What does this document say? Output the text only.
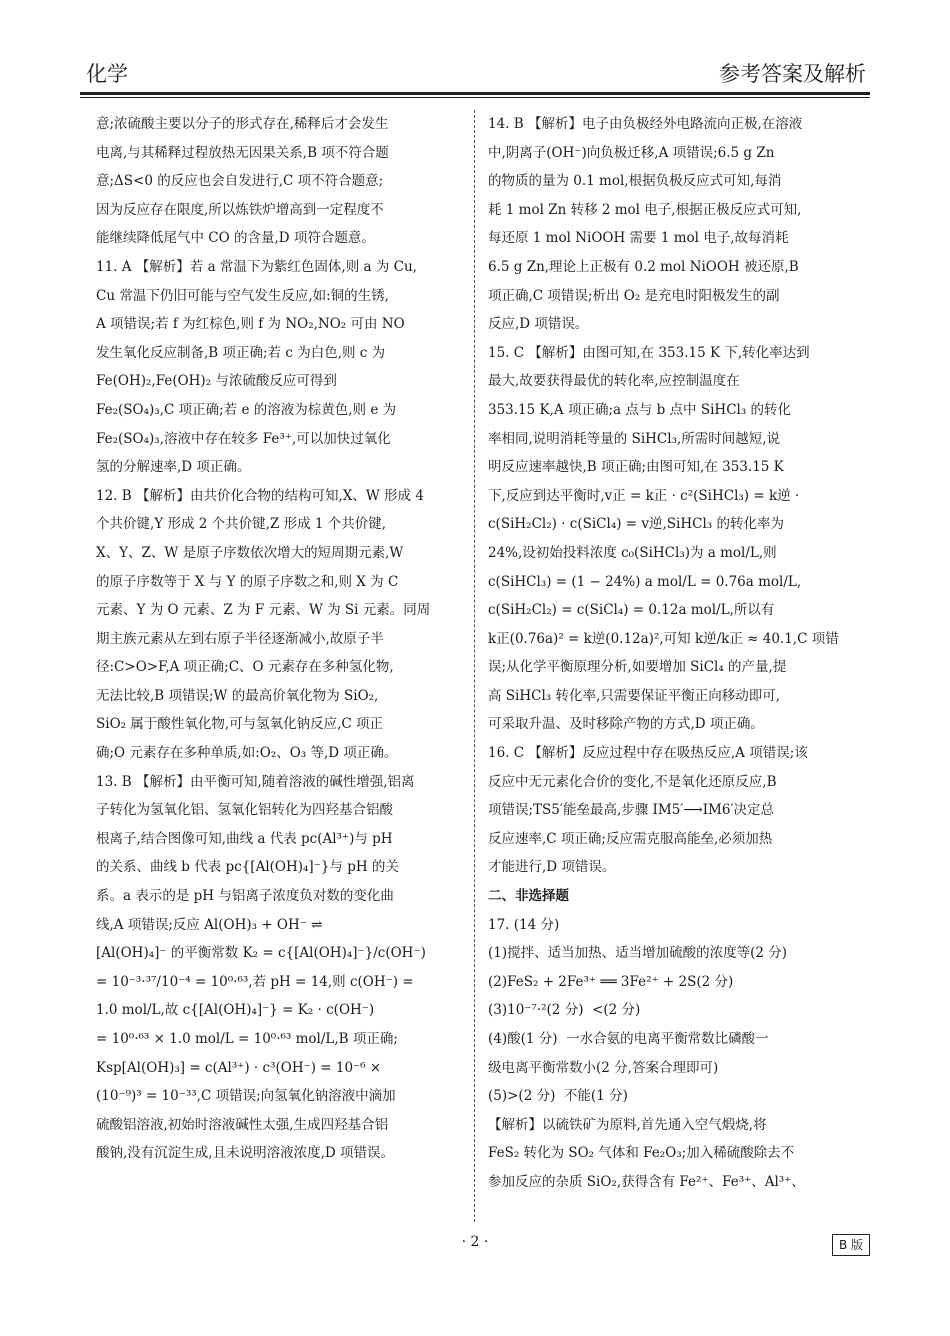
化学	参考答案及解析

意;浓硫酸主要以分子的形式存在,稀释后才会发生

电离,与其稀释过程放热无因果关系,B 项不符合题

意;ΔS<0 的反应也会自发进行,C 项不符合题意;

因为反应存在限度,所以炼铁炉增高到一定程度不

能继续降低尾气中 CO 的含量,D 项符合题意。

11. A 【解析】若 a 常温下为紫红色固体,则 a 为 Cu,

Cu 常温下仍旧可能与空气发生反应,如:铜的生锈,

A 项错误;若 f 为红棕色,则 f 为 NO₂,NO₂ 可由 NO

发生氧化反应制备,B 项正确;若 c 为白色,则 c 为

Fe(OH)₂,Fe(OH)₂ 与浓硫酸反应可得到

Fe₂(SO₄)₃,C 项正确;若 e 的溶液为棕黄色,则 e 为

Fe₂(SO₄)₃,溶液中存在较多 Fe³⁺,可以加快过氧化

氢的分解速率,D 项正确。

12. B 【解析】由共价化合物的结构可知,X、W 形成 4

个共价键,Y 形成 2 个共价键,Z 形成 1 个共价键,

X、Y、Z、W 是原子序数依次增大的短周期元素,W

的原子序数等于 X 与 Y 的原子序数之和,则 X 为 C

元素、Y 为 O 元素、Z 为 F 元素、W 为 Si 元素。同周

期主族元素从左到右原子半径逐渐减小,故原子半

径:C>O>F,A 项正确;C、O 元素存在多种氢化物,

无法比较,B 项错误;W 的最高价氧化物为 SiO₂,

SiO₂ 属于酸性氧化物,可与氢氧化钠反应,C 项正

确;O 元素存在多种单质,如:O₂、O₃ 等,D 项正确。

13. B 【解析】由平衡可知,随着溶液的碱性增强,铝离

子转化为氢氧化铝、氢氧化铝转化为四羟基合铝酸

根离子,结合图像可知,曲线 a 代表 pc(Al³⁺)与 pH

的关系、曲线 b 代表 pc{[Al(OH)₄]⁻}与 pH 的关

系。a 表示的是 pH 与铝离子浓度负对数的变化曲

线,A 项错误;反应 Al(OH)₃ + OH⁻ ⇌

[Al(OH)₄]⁻ 的平衡常数 K₂ = c{[Al(OH)₄]⁻}/c(OH⁻)

= 10⁻³·³⁷/10⁻⁴ = 10⁰·⁶³,若 pH = 14,则 c(OH⁻) =

1.0 mol/L,故 c{[Al(OH)₄]⁻} = K₂ · c(OH⁻)

= 10⁰·⁶³ × 1.0 mol/L = 10⁰·⁶³ mol/L,B 项正确;

Ksp[Al(OH)₃] = c(Al³⁺) · c³(OH⁻) = 10⁻⁶ ×

(10⁻⁹)³ = 10⁻³³,C 项错误;向氢氧化钠溶液中滴加

硫酸铝溶液,初始时溶液碱性太强,生成四羟基合铝

酸钠,没有沉淀生成,且未说明溶液浓度,D 项错误。

14. B 【解析】电子由负极经外电路流向正极,在溶液

中,阴离子(OH⁻)向负极迁移,A 项错误;6.5 g Zn

的物质的量为 0.1 mol,根据负极反应式可知,每消

耗 1 mol Zn 转移 2 mol 电子,根据正极反应式可知,

每还原 1 mol NiOOH 需要 1 mol 电子,故每消耗

6.5 g Zn,理论上正极有 0.2 mol NiOOH 被还原,B

项正确,C 项错误;析出 O₂ 是充电时阳极发生的副

反应,D 项错误。

15. C 【解析】由图可知,在 353.15 K 下,转化率达到

最大,故要获得最优的转化率,应控制温度在

353.15 K,A 项正确;a 点与 b 点中 SiHCl₃ 的转化

率相同,说明消耗等量的 SiHCl₃,所需时间越短,说

明反应速率越快,B 项正确;由图可知,在 353.15 K

下,反应到达平衡时,v正 = k正 · c²(SiHCl₃) = k逆 ·

c(SiH₂Cl₂) · c(SiCl₄) = v逆,SiHCl₃ 的转化率为

24%,设初始投料浓度 c₀(SiHCl₃)为 a mol/L,则

c(SiHCl₃) = (1 − 24%) a mol/L = 0.76a mol/L,

c(SiH₂Cl₂) = c(SiCl₄) = 0.12a mol/L,所以有

k正(0.76a)² = k逆(0.12a)²,可知 k逆/k正 ≈ 40.1,C 项错

误;从化学平衡原理分析,如要增加 SiCl₄ 的产量,提

高 SiHCl₃ 转化率,只需要保证平衡正向移动即可,

可采取升温、及时移除产物的方式,D 项正确。

16. C 【解析】反应过程中存在吸热反应,A 项错误;该

反应中无元素化合价的变化,不是氧化还原反应,B

项错误;TS5′能垒最高,步骤 IM5′⟶IM6′决定总

反应速率,C 项正确;反应需克服高能垒,必须加热

才能进行,D 项错误。

二、非选择题

17. (14 分)

(1)搅拌、适当加热、适当增加硫酸的浓度等(2 分)

(2)FeS₂ + 2Fe³⁺ ══ 3Fe²⁺ + 2S(2 分)

(3)10⁻⁷·²(2 分)  <(2 分)

(4)酸(1 分)  一水合氨的电离平衡常数比磷酸一

级电离平衡常数小(2 分,答案合理即可)

(5)>(2 分)  不能(1 分)

【解析】以硫铁矿为原料,首先通入空气煅烧,将

FeS₂ 转化为 SO₂ 气体和 Fe₂O₃;加入稀硫酸除去不

参加反应的杂质 SiO₂,获得含有 Fe²⁺、Fe³⁺、Al³⁺、

· 2 ·	B 版
